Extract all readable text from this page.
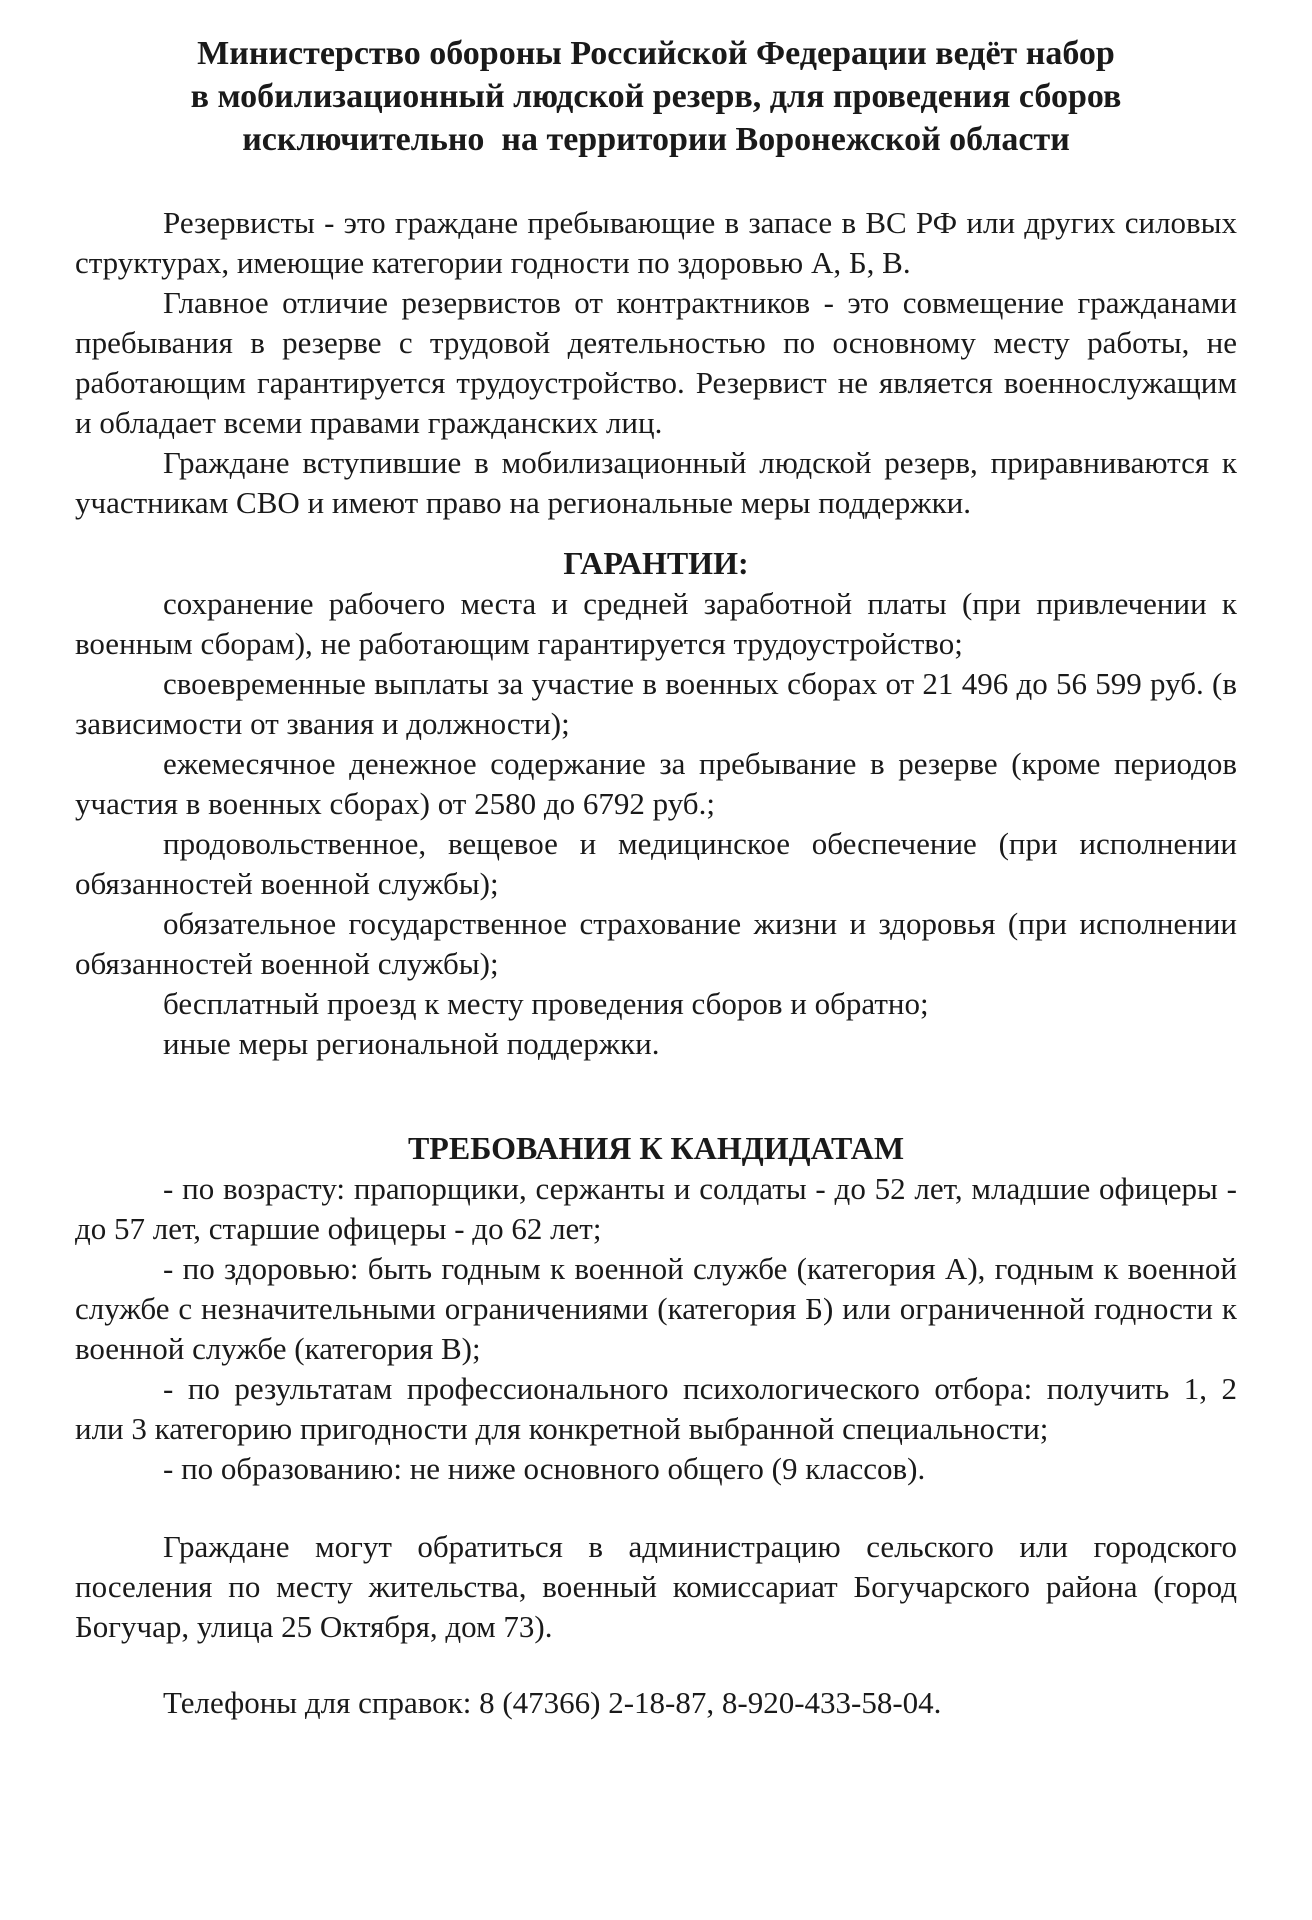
Министерство обороны Российской Федерации ведёт набор
в мобилизационный людской резерв, для проведения сборов
исключительно  на территории Воронежской области

Резервисты - это граждане пребывающие в запасе в ВС РФ или других силовых структурах, имеющие категории годности по здоровью А, Б, В.

Главное отличие резервистов от контрактников - это совмещение гражданами пребывания в резерве с трудовой деятельностью по основному месту работы, не работающим гарантируется трудоустройство. Резервист не является военнослужащим и обладает всеми правами гражданских лиц.

Граждане вступившие в мобилизационный людской резерв, приравниваются к участникам СВО и имеют право на региональные меры поддержки.

ГАРАНТИИ:

сохранение рабочего места и средней заработной платы (при привлечении к военным сборам), не работающим гарантируется трудоустройство;

своевременные выплаты за участие в военных сборах от 21 496 до 56 599 руб. (в зависимости от звания и должности);

ежемесячное денежное содержание за пребывание в резерве (кроме периодов участия в военных сборах) от 2580 до 6792 руб.;

продовольственное, вещевое и медицинское обеспечение (при исполнении обязанностей военной службы);

обязательное государственное страхование жизни и здоровья (при исполнении обязанностей военной службы);

бесплатный проезд к месту проведения сборов и обратно;

иные меры региональной поддержки.

ТРЕБОВАНИЯ К КАНДИДАТАМ

- по возрасту: прапорщики, сержанты и солдаты - до 52 лет, младшие офицеры - до 57 лет, старшие офицеры - до 62 лет;

- по здоровью: быть годным к военной службе (категория А), годным к военной службе с незначительными ограничениями (категория Б) или ограниченной годности к военной службе (категория В);

- по результатам профессионального психологического отбора: получить 1, 2 или 3 категорию пригодности для конкретной выбранной специальности;

- по образованию: не ниже основного общего (9 классов).

Граждане могут обратиться в администрацию сельского или городского поселения по месту жительства, военный комиссариат Богучарского района (город Богучар, улица 25 Октября, дом 73).

Телефоны для справок: 8 (47366) 2-18-87, 8-920-433-58-04.
